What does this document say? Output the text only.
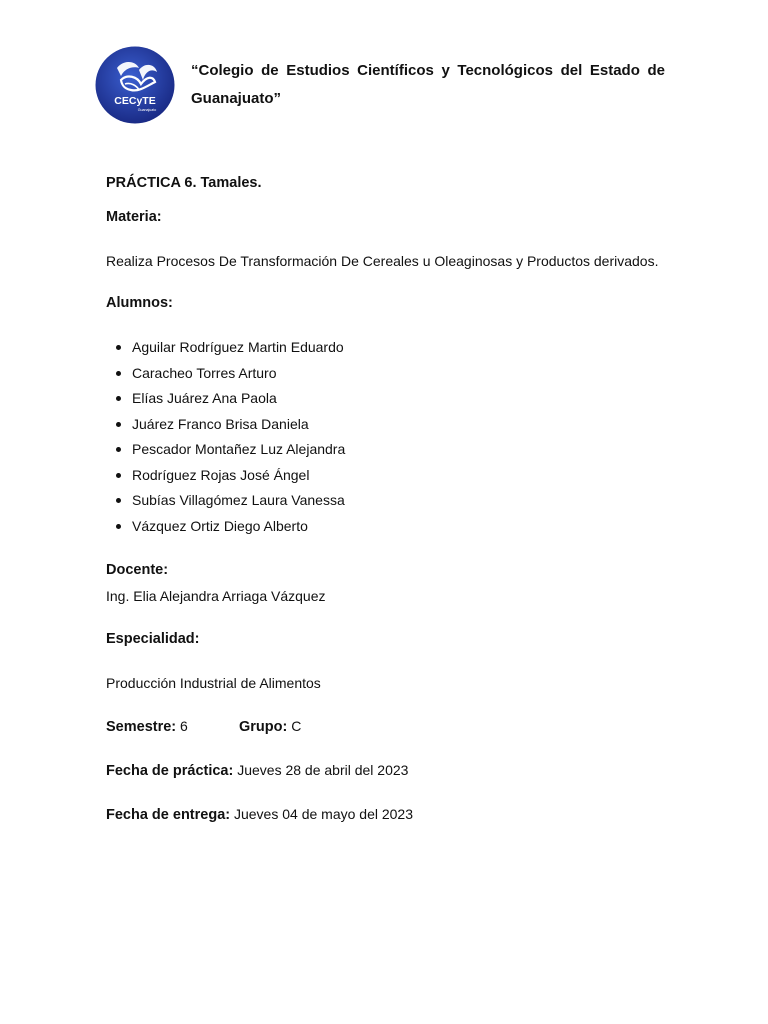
CECyTE
Guanajuato
“Colegio de Estudios Científicos y Tecnológicos del Estado de Guanajuato”
PRÁCTICA 6. Tamales.
Materia:
Realiza Procesos De Transformación De Cereales u Oleaginosas y Productos derivados.
Alumnos:
Aguilar Rodríguez Martin Eduardo
Caracheo Torres Arturo
Elías Juárez Ana Paola
Juárez Franco Brisa Daniela
Pescador Montañez Luz Alejandra
Rodríguez Rojas José Ángel
Subías Villagómez Laura Vanessa
Vázquez Ortiz Diego Alberto
Docente:
Ing. Elia Alejandra Arriaga Vázquez
Especialidad:
Producción Industrial de Alimentos
Semestre: 6	Grupo: C
Fecha de práctica: Jueves 28 de abril del 2023
Fecha de entrega: Jueves 04 de mayo del 2023
